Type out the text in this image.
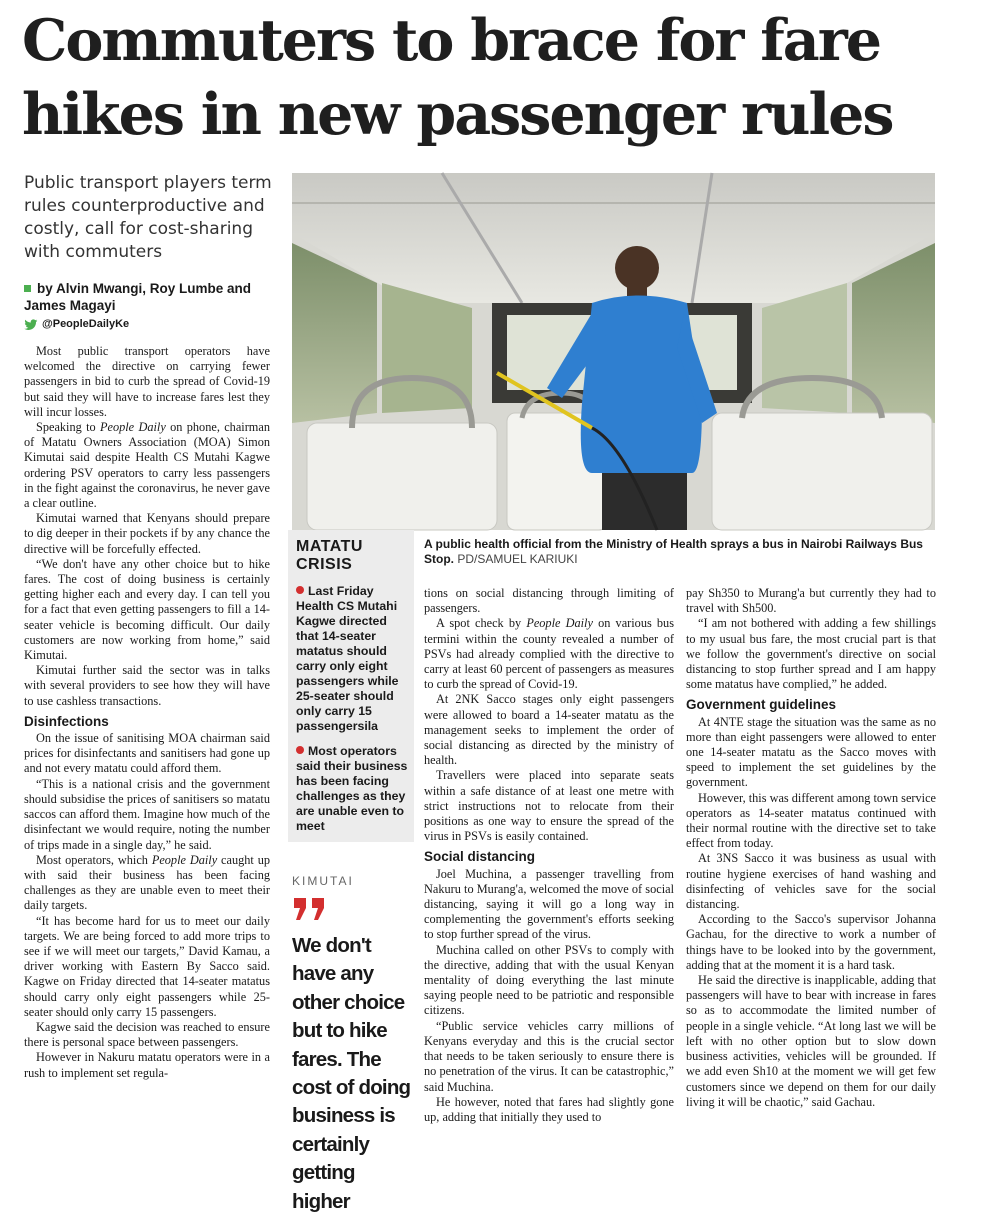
Commuters to brace for fare
hikes in new passenger rules
Public transport players term rules counterproductive and costly, call for cost-sharing with commuters
by Alvin Mwangi, Roy Lumbe and James Magayi
@PeopleDailyKe

Most public transport operators have welcomed the directive on carrying fewer passengers in bid to curb the spread of Covid-19 but said they will have to increase fares lest they will incur losses.

Speaking to People Daily on phone, chairman of Matatu Owners Association (MOA) Simon Kimutai said despite Health CS Mutahi Kagwe ordering PSV operators to carry less passengers in the fight against the coronavirus, he never gave a clear outline.

Kimutai warned that Kenyans should prepare to dig deeper in their pockets if by any chance the directive will be forcefully effected.

“We don't have any other choice but to hike fares. The cost of doing business is certainly getting higher each and every day. I can tell you for a fact that even getting passengers to fill a 14-seater vehicle is becoming difficult. Our daily customers are now working from home,” said Kimutai.

Kimutai further said the sector was in talks with several providers to see how they will have to use cashless transactions.

Disinfections

On the issue of sanitising MOA chairman said prices for disinfectants and sanitisers had gone up and not every matatu could afford them.

“This is a national crisis and the government should subsidise the prices of sanitisers so matatu saccos can afford them. Imagine how much of the disinfectant we would require, noting the number of trips made in a single day,” he said.

Most operators, which People Daily caught up with said their business has been facing challenges as they are unable even to meet their daily targets.

“It has become hard for us to meet our daily targets. We are being forced to add more trips to see if we will meet our targets,” David Kamau, a driver working with Eastern By Sacco said. Kagwe on Friday directed that 14-seater matatus should carry only eight passengers while 25-seater should only carry 15 passengers.

Kagwe said the decision was reached to ensure there is personal space between passengers.

However in Nakuru matatu operators were in a rush to implement set regula-

A public health official from the Ministry of Health sprays a bus in Nairobi Railways Bus Stop. PD/SAMUEL KARIUKI
MATATU
CRISIS
Last Friday Health CS Mutahi Kagwe directed that 14-seater matatus should carry only eight passengers while 25-seater should only carry 15 passengersila
Most operators said their business has been facing challenges as they are unable even to meet
KIMUTAI
We don't have any other choice but to hike fares. The cost of doing business is certainly getting higher

tions on social distancing through limiting of passengers.

A spot check by People Daily on various bus termini within the county revealed a number of PSVs had already complied with the directive to carry at least 60 percent of passengers as measures to curb the spread of Covid-19.

At 2NK Sacco stages only eight passengers were allowed to board a 14-seater matatu as the management seeks to implement the order of social distancing as directed by the ministry of health.

Travellers were placed into separate seats within a safe distance of at least one metre with strict instructions not to relocate from their positions as one way to ensure the spread of the virus in PSVs is easily contained.

Social distancing

Joel Muchina, a passenger travelling from Nakuru to Murang'a, welcomed the move of social distancing, saying it will go a long way in complementing the government's efforts seeking to stop further spread of the virus.

Muchina called on other PSVs to comply with the directive, adding that with the usual Kenyan mentality of doing everything the last minute saying people need to be patriotic and responsible citizens.

“Public service vehicles carry millions of Kenyans everyday and this is the crucial sector that needs to be taken seriously to ensure there is no penetration of the virus. It can be catastrophic,” said Muchina.

He however, noted that fares had slightly gone up, adding that initially they used to

pay Sh350 to Murang'a but currently they had to travel with Sh500.

“I am not bothered with adding a few shillings to my usual bus fare, the most crucial part is that we follow the government's directive on social distancing to stop further spread and I am happy some matatus have complied,” he added.

Government guidelines

At 4NTE stage the situation was the same as no more than eight passengers were allowed to enter one 14-seater matatu as the Sacco moves with speed to implement the set guidelines by the government.

However, this was different among town service operators as 14-seater matatus continued with their normal routine with the directive set to take effect from today.

At 3NS Sacco it was business as usual with routine hygiene exercises of hand washing and disinfecting of vehicles save for the social distancing.

According to the Sacco's supervisor Johanna Gachau, for the directive to work a number of things have to be looked into by the government, adding that at the moment it is a hard task.

He said the directive is inapplicable, adding that passengers will have to bear with increase in fares so as to accommodate the limited number of people in a single vehicle. “At long last we will be left with no other option but to slow down business activities, vehicles will be grounded. If we add even Sh10 at the moment we will get few customers since we depend on them for our daily living it will be chaotic,” said Gachau.
